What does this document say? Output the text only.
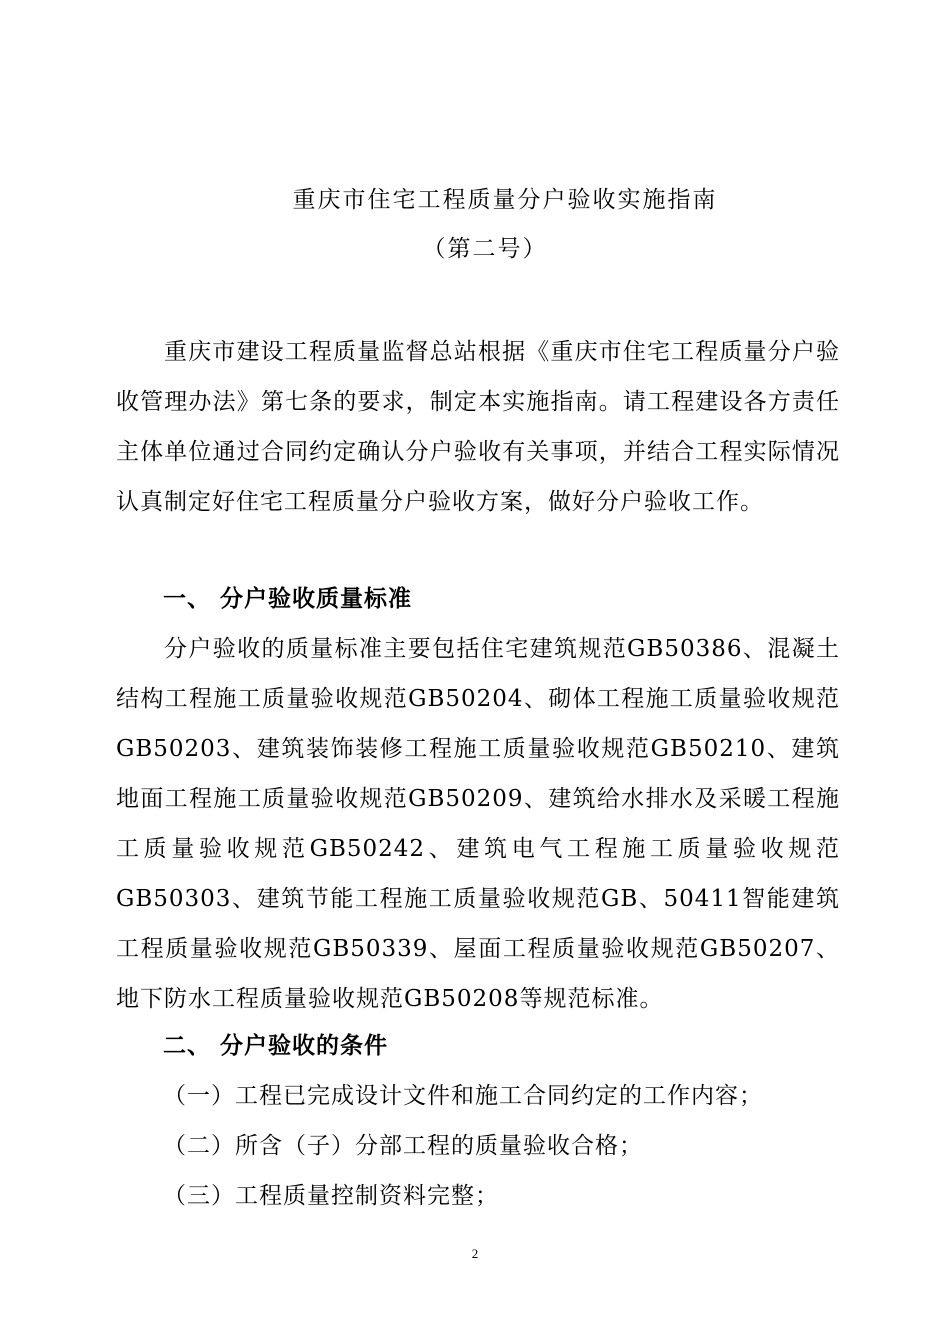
重庆市住宅工程质量分户验收实施指南
（第二号）

重庆市建设工程质量监督总站根据《重庆市住宅工程质量分户验收管理办法》第七条的要求，制定本实施指南。请工程建设各方责任主体单位通过合同约定确认分户验收有关事项，并结合工程实际情况认真制定好住宅工程质量分户验收方案，做好分户验收工作。

一、 分户验收质量标准

分户验收的质量标准主要包括住宅建筑规范GB50386、混凝土结构工程施工质量验收规范GB50204、砌体工程施工质量验收规范GB50203、建筑装饰装修工程施工质量验收规范GB50210、建筑地面工程施工质量验收规范GB50209、建筑给水排水及采暖工程施工质量验收规范GB50242、建筑电气工程施工质量验收规范GB50303、建筑节能工程施工质量验收规范GB、50411智能建筑工程质量验收规范GB50339、屋面工程质量验收规范GB50207、地下防水工程质量验收规范GB50208等规范标准。

二、 分户验收的条件

（一）工程已完成设计文件和施工合同约定的工作内容；

（二）所含（子）分部工程的质量验收合格；

（三）工程质量控制资料完整；

2
